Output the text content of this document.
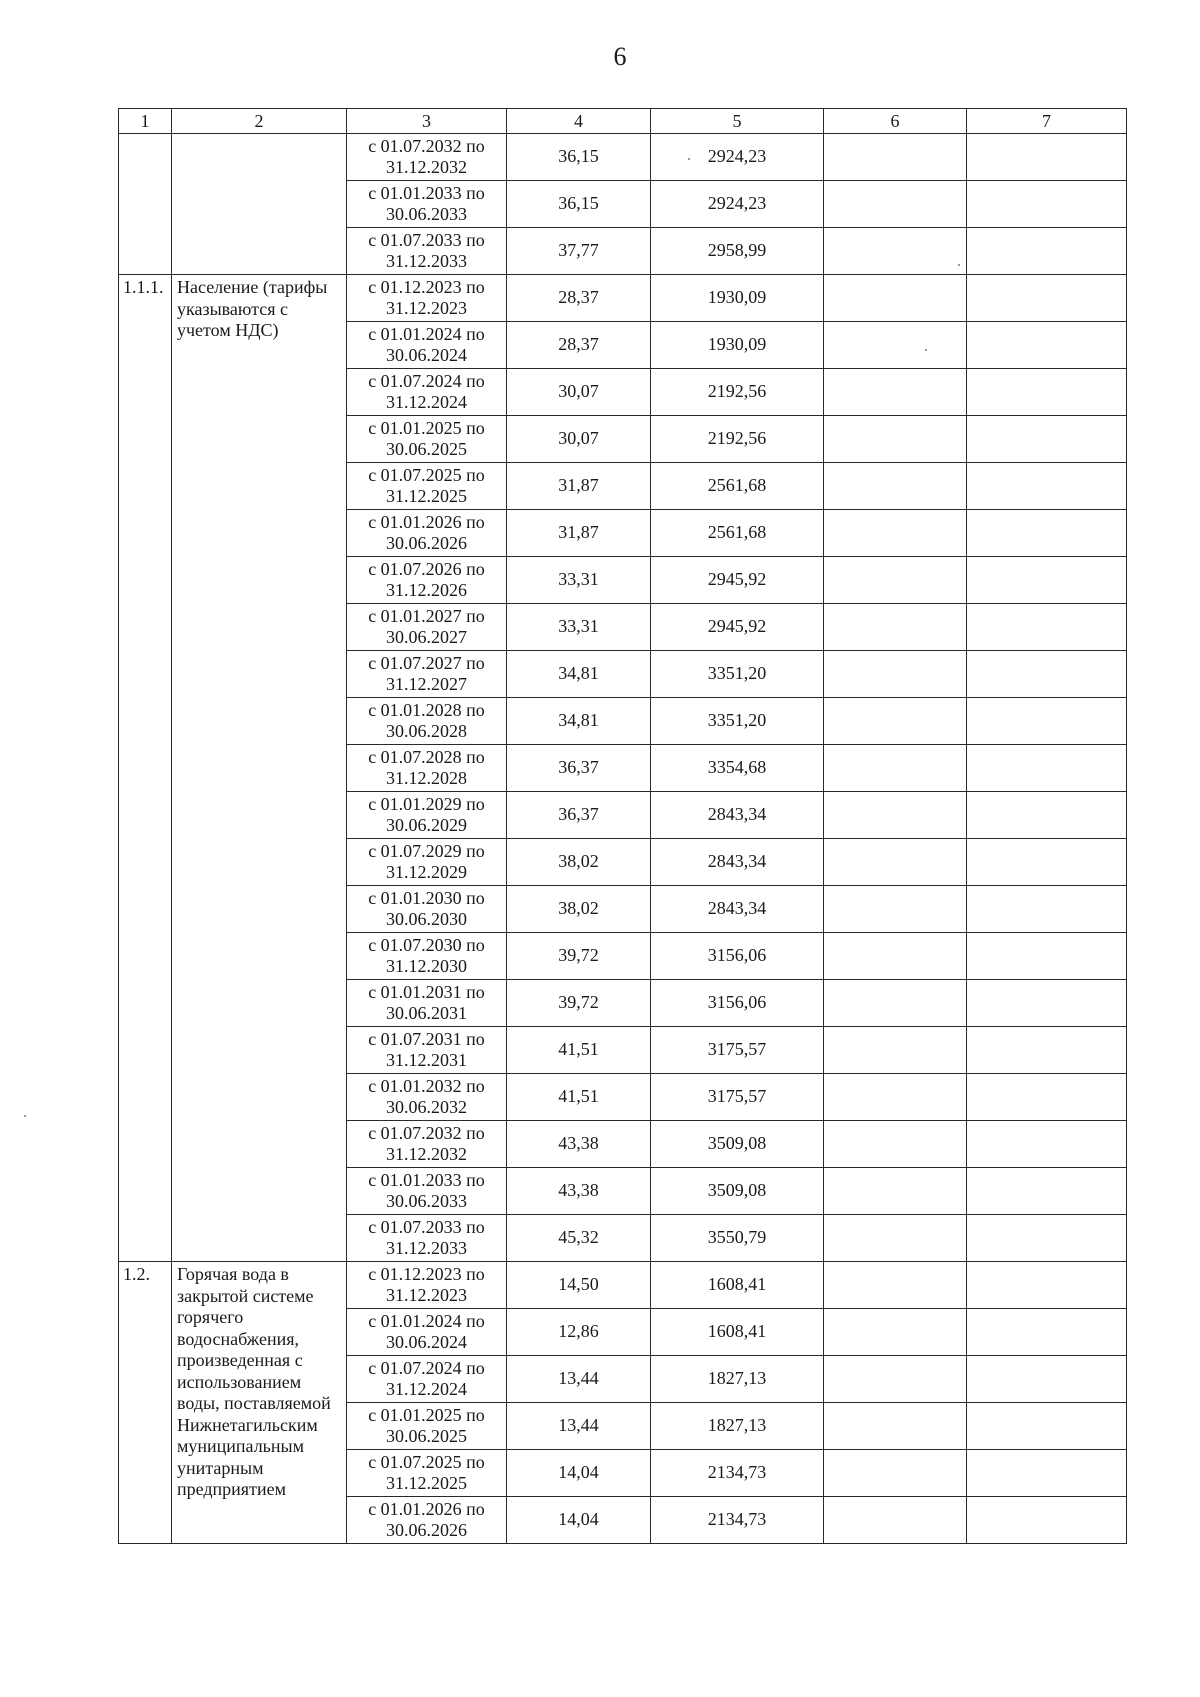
6
1	2	3	4	5	6	7
		с 01.07.2032 по 31.12.2032	36,15	2924,23		
		с 01.01.2033 по 30.06.2033	36,15	2924,23		
		с 01.07.2033 по 31.12.2033	37,77	2958,99		
1.1.1.	Население (тарифы указываются с учетом НДС)	с 01.12.2023 по 31.12.2023	28,37	1930,09		
		с 01.01.2024 по 30.06.2024	28,37	1930,09		
		с 01.07.2024 по 31.12.2024	30,07	2192,56		
		с 01.01.2025 по 30.06.2025	30,07	2192,56		
		с 01.07.2025 по 31.12.2025	31,87	2561,68		
		с 01.01.2026 по 30.06.2026	31,87	2561,68		
		с 01.07.2026 по 31.12.2026	33,31	2945,92		
		с 01.01.2027 по 30.06.2027	33,31	2945,92		
		с 01.07.2027 по 31.12.2027	34,81	3351,20		
		с 01.01.2028 по 30.06.2028	34,81	3351,20		
		с 01.07.2028 по 31.12.2028	36,37	3354,68		
		с 01.01.2029 по 30.06.2029	36,37	2843,34		
		с 01.07.2029 по 31.12.2029	38,02	2843,34		
		с 01.01.2030 по 30.06.2030	38,02	2843,34		
		с 01.07.2030 по 31.12.2030	39,72	3156,06		
		с 01.01.2031 по 30.06.2031	39,72	3156,06		
		с 01.07.2031 по 31.12.2031	41,51	3175,57		
		с 01.01.2032 по 30.06.2032	41,51	3175,57		
		с 01.07.2032 по 31.12.2032	43,38	3509,08		
		с 01.01.2033 по 30.06.2033	43,38	3509,08		
		с 01.07.2033 по 31.12.2033	45,32	3550,79		
1.2.	Горячая вода в закрытой системе горячего водоснабжения, произведенная с использованием воды, поставляемой Нижнетагильским муниципальным унитарным предприятием	с 01.12.2023 по 31.12.2023	14,50	1608,41		
		с 01.01.2024 по 30.06.2024	12,86	1608,41		
		с 01.07.2024 по 31.12.2024	13,44	1827,13		
		с 01.01.2025 по 30.06.2025	13,44	1827,13		
		с 01.07.2025 по 31.12.2025	14,04	2134,73		
		с 01.01.2026 по 30.06.2026	14,04	2134,73		
